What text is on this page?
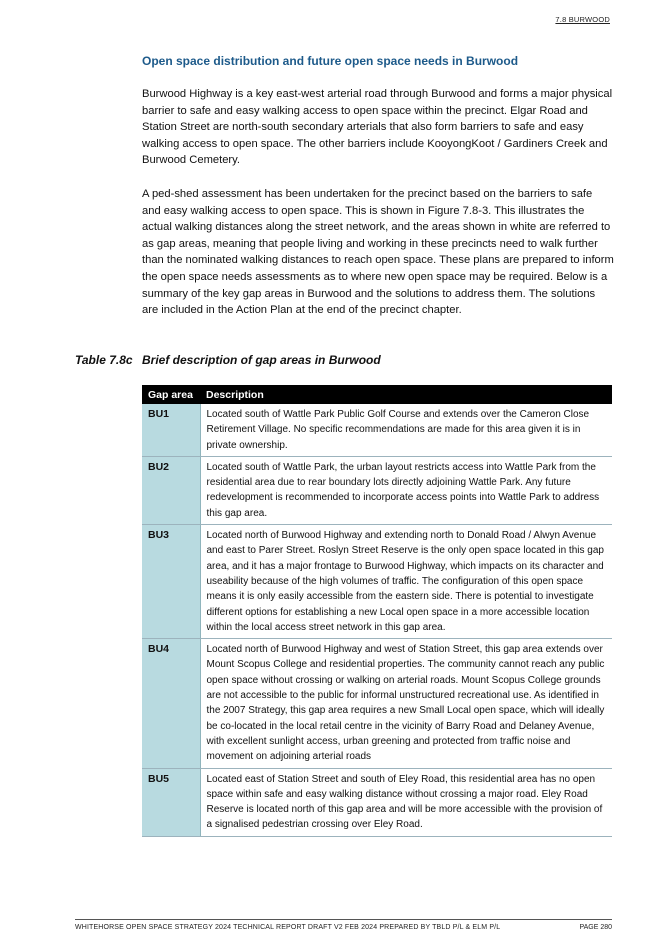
7.8 BURWOOD
Open space distribution and future open space needs in Burwood

Burwood Highway is a key east-west arterial road through Burwood and forms a major physical barrier to safe and easy walking access to open space within the precinct. Elgar Road and Station Street are north-south secondary arterials that also form barriers to safe and easy walking access to open space. The other barriers include KooyongKoot / Gardiners Creek and Burwood Cemetery.

A ped-shed assessment has been undertaken for the precinct based on the barriers to safe and easy walking access to open space. This is shown in Figure 7.8-3. This illustrates the actual walking distances along the street network, and the areas shown in white are referred to as gap areas, meaning that people living and working in these precincts need to walk further than the nominated walking distances to reach open space. These plans are prepared to inform the open space needs assessments as to where new open space may be required. Below is a summary of the key gap areas in Burwood and the solutions to address them. The solutions are included in the Action Plan at the end of the precinct chapter.

Table 7.8c Brief description of gap areas in Burwood
Gap area	Description
BU1	Located south of Wattle Park Public Golf Course and extends over the Cameron Close Retirement Village. No specific recommendations are made for this area given it is in private ownership.
BU2	Located south of Wattle Park, the urban layout restricts access into Wattle Park from the residential area due to rear boundary lots directly adjoining Wattle Park. Any future redevelopment is recommended to incorporate access points into Wattle Park to address this gap area.
BU3	Located north of Burwood Highway and extending north to Donald Road / Alwyn Avenue and east to Parer Street. Roslyn Street Reserve is the only open space located in this gap area, and it has a major frontage to Burwood Highway, which impacts on its character and useability because of the high volumes of traffic. The configuration of this open space means it is only easily accessible from the eastern side. There is potential to investigate different options for establishing a new Local open space in a more accessible location within the local access street network in this gap area.
BU4	Located north of Burwood Highway and west of Station Street, this gap area extends over Mount Scopus College and residential properties. The community cannot reach any public open space without crossing or walking on arterial roads. Mount Scopus College grounds are not accessible to the public for informal unstructured recreational use. As identified in the 2007 Strategy, this gap area requires a new Small Local open space, which will ideally be co-located in the local retail centre in the vicinity of Barry Road and Delaney Avenue, with excellent sunlight access, urban greening and protected from traffic noise and movement on adjoining arterial roads
BU5	Located east of Station Street and south of Eley Road, this residential area has no open space within safe and easy walking distance without crossing a major road. Eley Road Reserve is located north of this gap area and will be more accessible with the provision of a signalised pedestrian crossing over Eley Road.
WHITEHORSE OPEN SPACE STRATEGY 2024 TECHNICAL REPORT DRAFT V2 FEB 2024 PREPARED BY TBLD P/L & ELM P/L	PAGE 280
